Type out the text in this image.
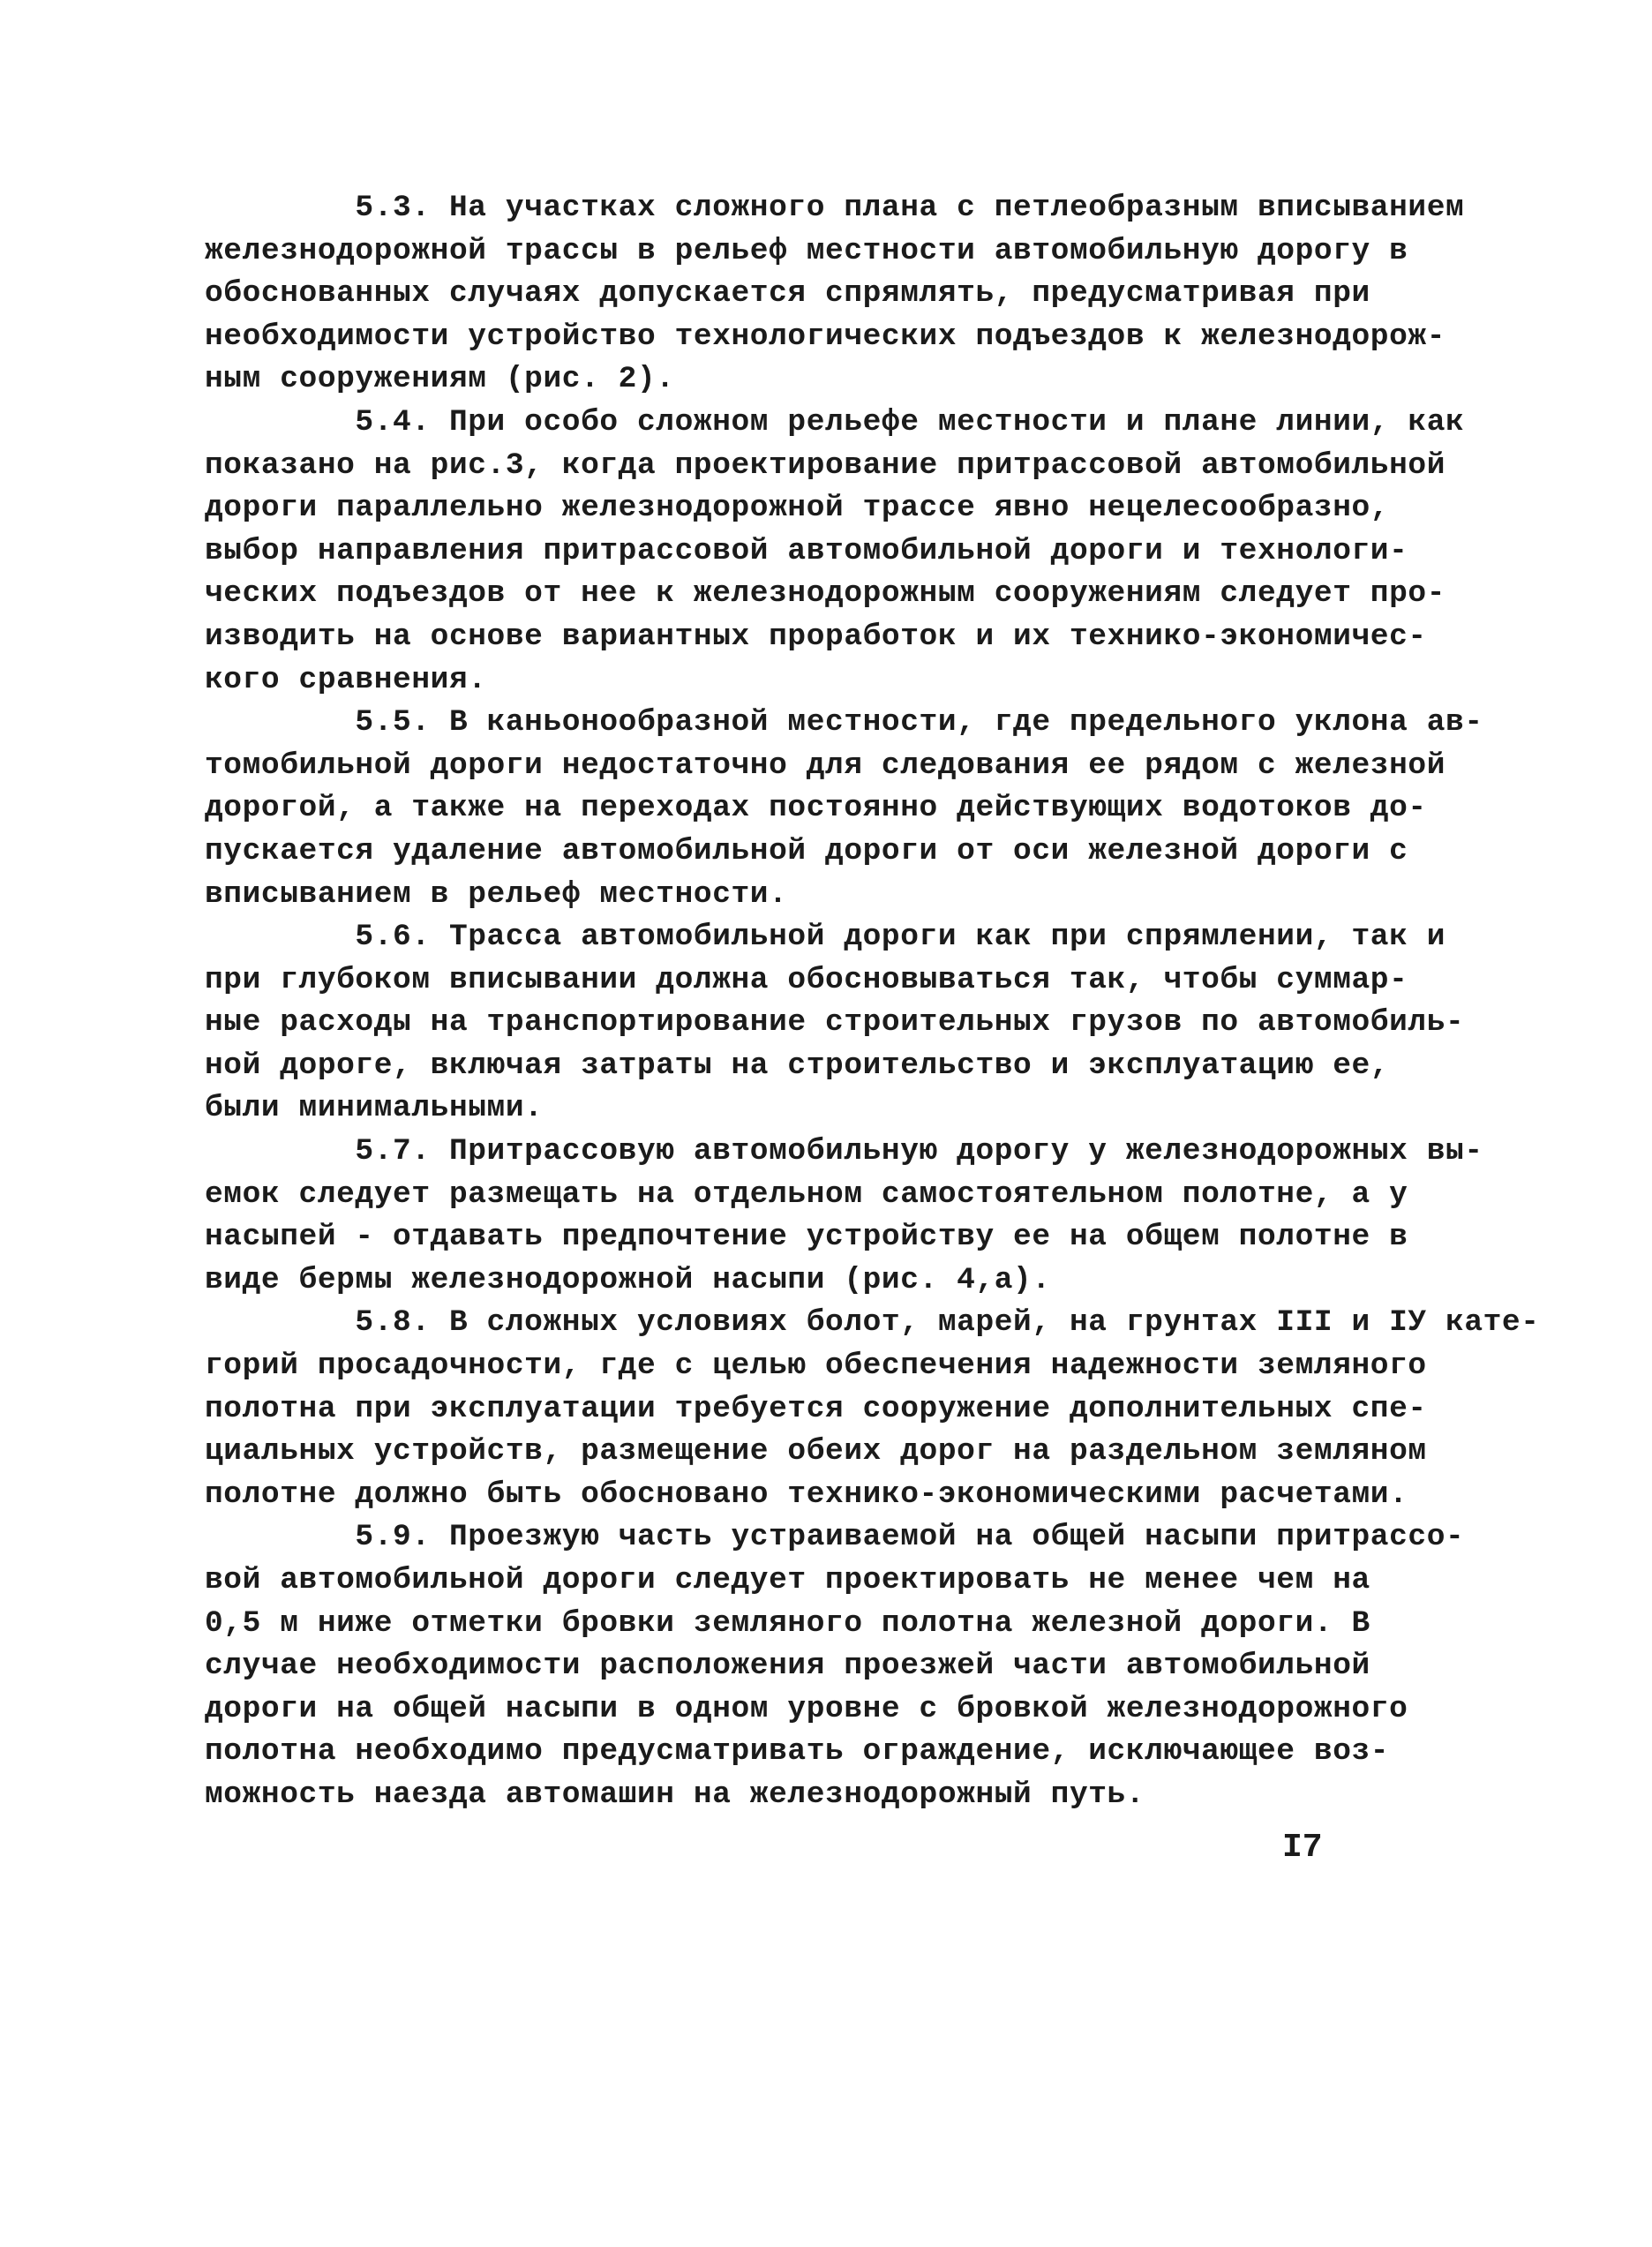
5.3. На участках сложного плана с петлеобразным вписыванием
железнодорожной трассы в рельеф местности автомобильную дорогу в
обоснованных случаях допускается спрямлять, предусматривая при
необходимости устройство технологических подъездов к железнодорож-
ным сооружениям (рис. 2).
5.4. При особо сложном рельефе местности и плане линии, как
показано на рис.3, когда проектирование притрассовой автомобильной
дороги параллельно железнодорожной трассе явно нецелесообразно,
выбор направления притрассовой автомобильной дороги и технологи-
ческих подъездов от нее к железнодорожным сооружениям следует про-
изводить на основе вариантных проработок и их технико-экономичес-
кого сравнения.
5.5. В каньонообразной местности, где предельного уклона ав-
томобильной дороги недостаточно для следования ее рядом с железной
дорогой, а также на переходах постоянно действующих водотоков до-
пускается удаление автомобильной дороги от оси железной дороги с
вписыванием в рельеф местности.
5.6. Трасса автомобильной дороги как при спрямлении, так и
при глубоком вписывании должна обосновываться так, чтобы суммар-
ные расходы на транспортирование строительных грузов по автомобиль-
ной дороге, включая затраты на строительство и эксплуатацию ее,
были минимальными.
5.7. Притрассовую автомобильную дорогу у железнодорожных вы-
емок следует размещать на отдельном самостоятельном полотне, а у
насыпей - отдавать предпочтение устройству ее на общем полотне в
виде бермы железнодорожной насыпи (рис. 4,а).
5.8. В сложных условиях болот, марей, на грунтах III и IУ кате-
горий просадочности, где с целью обеспечения надежности земляного
полотна при эксплуатации требуется сооружение дополнительных спе-
циальных устройств, размещение обеих дорог на раздельном земляном
полотне должно быть обосновано технико-экономическими расчетами.
5.9. Проезжую часть устраиваемой на общей насыпи притрассо-
вой автомобильной дороги следует проектировать не менее чем на
0,5 м ниже отметки бровки земляного полотна железной дороги. В
случае необходимости расположения проезжей части автомобильной
дороги на общей насыпи в одном уровне с бровкой железнодорожного
полотна необходимо предусматривать ограждение, исключающее воз-
можность наезда автомашин на железнодорожный путь.
I7
